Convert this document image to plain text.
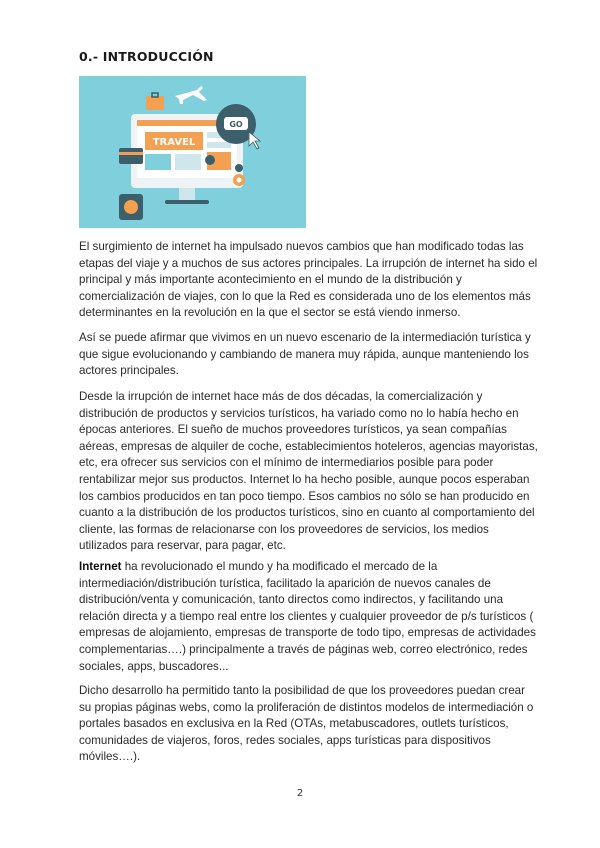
0.- INTRODUCCIÓN
TRAVEL
GO

El surgimiento de internet ha impulsado nuevos cambios que han modificado todas las etapas del viaje y a muchos de sus actores principales. La irrupción de internet ha sido el principal y más importante acontecimiento en el mundo de la distribución y comercialización de viajes, con lo que la Red es considerada uno de los elementos más determinantes en la revolución en la que el sector se está viendo inmerso.

Así se puede afirmar que vivimos en un nuevo escenario de la intermediación turística y que sigue evolucionando y cambiando de manera muy rápida, aunque manteniendo los actores principales.

Desde la irrupción de internet hace más de dos décadas, la comercialización y distribución de productos y servicios turísticos, ha variado como no lo había hecho en épocas anteriores. El sueño de muchos proveedores turísticos, ya sean compañías aéreas, empresas de alquiler de coche, establecimientos hoteleros, agencias mayoristas, etc, era ofrecer sus servicios con el mínimo de intermediarios posible para poder rentabilizar mejor sus productos. Internet lo ha hecho posible, aunque pocos esperaban los cambios producidos en tan poco tiempo. Esos cambios no sólo se han producido en cuanto a la distribución de los productos turísticos, sino en cuanto al comportamiento del cliente, las formas de relacionarse con los proveedores de servicios, los medios utilizados para reservar, para pagar, etc.

Internet ha revolucionado el mundo y ha modificado el mercado de la intermediación/distribución turística, facilitado la aparición de nuevos canales de distribución/venta y comunicación, tanto directos como indirectos, y facilitando una relación directa y a tiempo real entre los clientes y cualquier proveedor de p/s turísticos ( empresas de alojamiento, empresas de transporte de todo tipo, empresas de actividades complementarias….) principalmente a través de páginas web, correo electrónico, redes sociales, apps, buscadores...

Dicho desarrollo ha permitido tanto la posibilidad de que los proveedores puedan crear su propias páginas webs, como la proliferación de distintos modelos de intermediación o portales basados en exclusiva en la Red (OTAs, metabuscadores, outlets turísticos, comunidades de viajeros, foros, redes sociales, apps turísticas para dispositivos móviles….).

2
